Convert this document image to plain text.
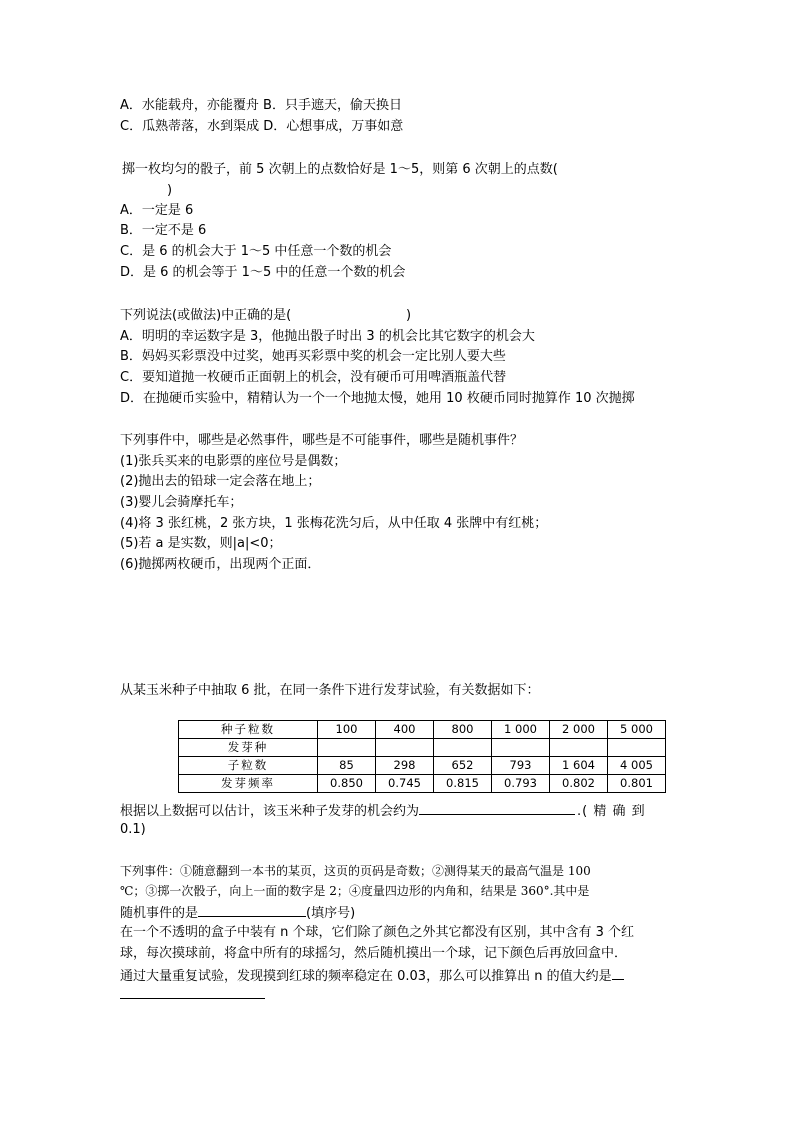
A．水能载舟，亦能覆舟 B．只手遮天，偷天换日
C．瓜熟蒂落，水到渠成 D．心想事成，万事如意
掷一枚均匀的骰子，前 5 次朝上的点数恰好是 1～5，则第 6 次朝上的点数(
)
A．一定是 6
B．一定不是 6
C．是 6 的机会大于 1～5 中任意一个数的机会
D．是 6 的机会等于 1～5 中的任意一个数的机会
下列说法(或做法)中正确的是(	)
A．明明的幸运数字是 3，他抛出骰子时出 3 的机会比其它数字的机会大
B．妈妈买彩票没中过奖，她再买彩票中奖的机会一定比别人要大些
C．要知道抛一枚硬币正面朝上的机会，没有硬币可用啤酒瓶盖代替
D．在抛硬币实验中，精精认为一个一个地抛太慢，她用 10 枚硬币同时抛算作 10 次抛掷
下列事件中，哪些是必然事件，哪些是不可能事件，哪些是随机事件？
(1)张兵买来的电影票的座位号是偶数；
(2)抛出去的铅球一定会落在地上；
(3)婴儿会骑摩托车；
(4)将 3 张红桃，2 张方块，1 张梅花洗匀后，从中任取 4 张牌中有红桃；
(5)若 a 是实数，则|a|<0；
(6)抛掷两枚硬币，出现两个正面．
从某玉米种子中抽取 6 批，在同一条件下进行发芽试验，有关数据如下：
种子粒数	100	400	800	1 000	2 000	5 000
发芽种						
子粒数	85	298	652	793	1 604	4 005
发芽频率	0.850	0.745	0.815	0.793	0.802	0.801
根据以上数据可以估计，该玉米种子发芽的机会约为	.( 精 确 到
0.1)
下列事件：①随意翻到一本书的某页，这页的页码是奇数；②测得某天的最高气温是 100
℃；③掷一次骰子，向上一面的数字是 2；④度量四边形的内角和，结果是 360°.其中是
随机事件的是	(填序号)
在一个不透明的盒子中装有 n 个球，它们除了颜色之外其它都没有区别，其中含有 3 个红
球，每次摸球前，将盒中所有的球摇匀，然后随机摸出一个球，记下颜色后再放回盒中．
通过大量重复试验，发现摸到红球的频率稳定在 0.03，那么可以推算出 n 的值大约是
